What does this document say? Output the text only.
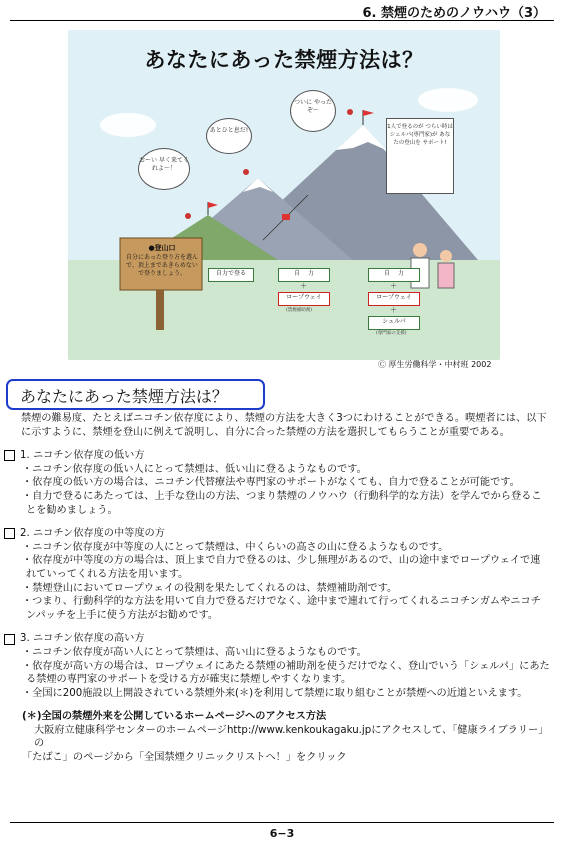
6. 禁煙のためのノウハウ（3）
あなたにあった禁煙方法は？
おーい 早く来てくれよ〜！
あとひと息だ!
ついに やったぞ〜
1人で登るのが つらい時は シェルパ(専門家)が あなたの登山を サポート!
●登山口
自分にあった登り方を選んで、頂上まであきらめないで登りましょう。	自力で登る	自 力
＋
ロープウェイ
(禁煙補助剤)
自 力
＋
ロープウェイ
＋
シェルパ
(専門家の支援)
Ⓒ 厚生労働科学・中村班 2002
あなたにあった禁煙方法は？

禁煙の難易度、たとえばニコチン依存度により、禁煙の方法を大きく3つにわけることができる。喫煙者には、以下に示すように、禁煙を登山に例えて説明し、自分に合った禁煙の方法を選択してもらうことが重要である。

1. ニコチン依存度の低い方

・ニコチン依存度の低い人にとって禁煙は、低い山に登るようなものです。

・依存度の低い方の場合は、ニコチン代替療法や専門家のサポートがなくても、自力で登ることが可能です。

・自力で登るにあたっては、上手な登山の方法、つまり禁煙のノウハウ（行動科学的な方法）を学んでから登ることを勧めましょう。

2. ニコチン依存度の中等度の方

・ニコチン依存度が中等度の人にとって禁煙は、中くらいの高さの山に登るようなものです。

・依存度が中等度の方の場合は、頂上まで自力で登るのは、少し無理があるので、山の途中までロープウェイで連れていってくれる方法を用います。

・禁煙登山においてロープウェイの役割を果たしてくれるのは、禁煙補助剤です。

・つまり、行動科学的な方法を用いて自力で登るだけでなく、途中まで連れて行ってくれるニコチンガムやニコチンパッチを上手に使う方法がお勧めです。

3. ニコチン依存度の高い方

・ニコチン依存度が高い人にとって禁煙は、高い山に登るようなものです。

・依存度が高い方の場合は、ロープウェイにあたる禁煙の補助剤を使うだけでなく、登山でいう「シェルパ」にあたる禁煙の専門家のサポートを受ける方が確実に禁煙しやすくなります。

・全国に200施設以上開設されている禁煙外来(＊)を利用して禁煙に取り組むことが禁煙への近道といえます。

(＊)全国の禁煙外来を公開しているホームページへのアクセス方法

大阪府立健康科学センターのホームページhttp://www.kenkoukagaku.jpにアクセスして、「健康ライブラリー」の

「たばこ」のページから「全国禁煙クリニックリストへ！」をクリック

6−3
